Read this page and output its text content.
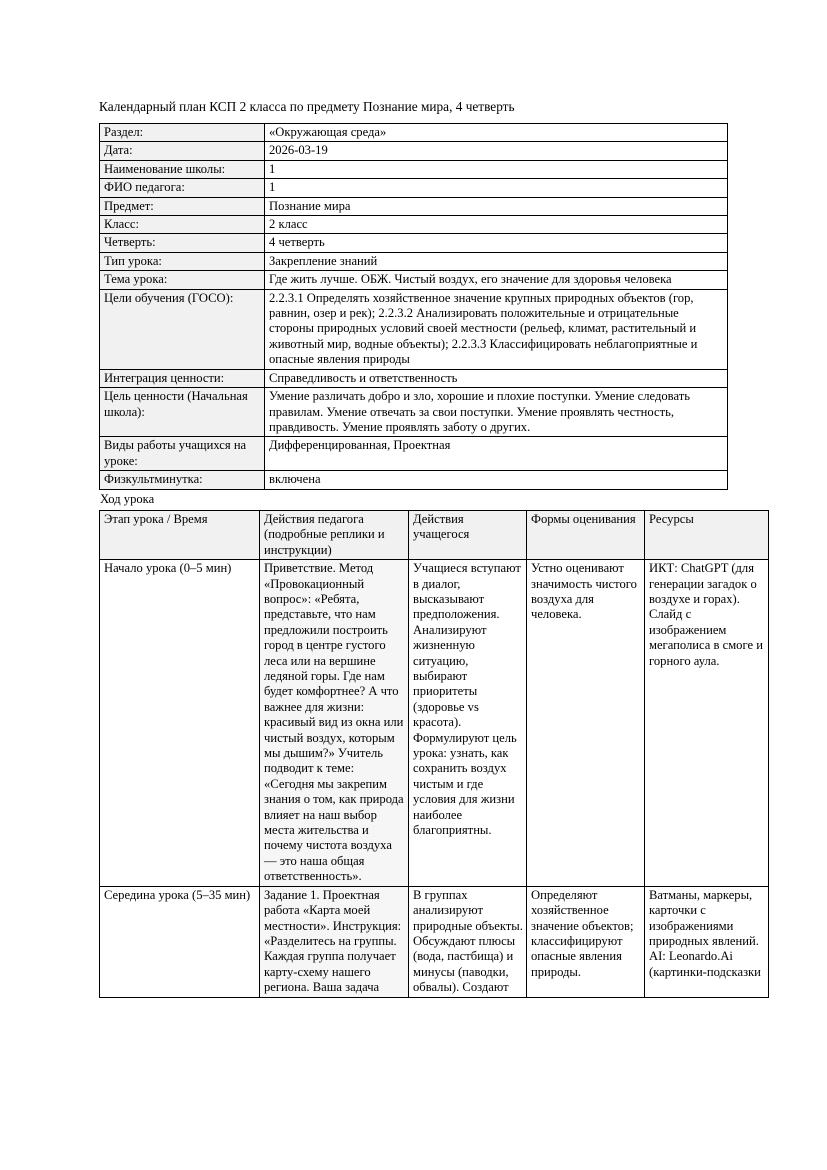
Календарный план КСП 2 класса по предмету Познание мира, 4 четверть
Раздел:	«Окружающая среда»
Дата:	2026-03-19
Наименование школы:	1
ФИО педагога:	1
Предмет:	Познание мира
Класс:	2 класс
Четверть:	4 четверть
Тип урока:	Закрепление знаний
Тема урока:	Где жить лучше. ОБЖ. Чистый воздух, его значение для здоровья человека
Цели обучения (ГОСО):	2.2.3.1 Определять хозяйственное значение крупных природных объектов (гор, равнин, озер и рек); 2.2.3.2 Анализировать положительные и отрицательные стороны природных условий своей местности (рельеф, климат, растительный и животный мир, водные объекты); 2.2.3.3 Классифицировать неблагоприятные и опасные явления природы
Интеграция ценности:	Справедливость и ответственность
Цель ценности (Начальная школа):	Умение различать добро и зло, хорошие и плохие поступки. Умение следовать правилам. Умение отвечать за свои поступки. Умение проявлять честность, правдивость. Умение проявлять заботу о других.
Виды работы учащихся на уроке:	Дифференцированная, Проектная
Физкультминутка:	включена
Ход урока
Этап урока / Время	Действия педагога (подробные реплики и инструкции)	Действия учащегося	Формы оценивания	Ресурсы
Начало урока (0–5 мин)	Приветствие. Метод «Провокационный вопрос»: «Ребята, представьте, что нам предложили построить город в центре густого леса или на вершине ледяной горы. Где нам будет комфортнее? А что важнее для жизни: красивый вид из окна или чистый воздух, которым мы дышим?» Учитель подводит к теме: «Сегодня мы закрепим знания о том, как природа влияет на наш выбор места жительства и почему чистота воздуха — это наша общая ответственность».	Учащиеся вступают в диалог, высказывают предположения. Анализируют жизненную ситуацию, выбирают приоритеты (здоровье vs красота). Формулируют цель урока: узнать, как сохранить воздух чистым и где условия для жизни наиболее благоприятны.	Устно оценивают значимость чистого воздуха для человека.	ИКТ: ChatGPT (для генерации загадок о воздухе и горах). Слайд с изображением мегаполиса в смоге и горного аула.
Середина урока (5–35 мин)	Задание 1. Проектная работа «Карта моей местности». Инструкция: «Разделитесь на группы. Каждая группа получает карту-схему нашего региона. Ваша задача	В группах анализируют природные объекты. Обсуждают плюсы (вода, пастбища) и минусы (паводки, обвалы). Создают	Определяют хозяйственное значение объектов; классифицируют опасные явления природы.	Ватманы, маркеры, карточки с изображениями природных явлений. AI: Leonardo.Ai (картинки-подсказки
